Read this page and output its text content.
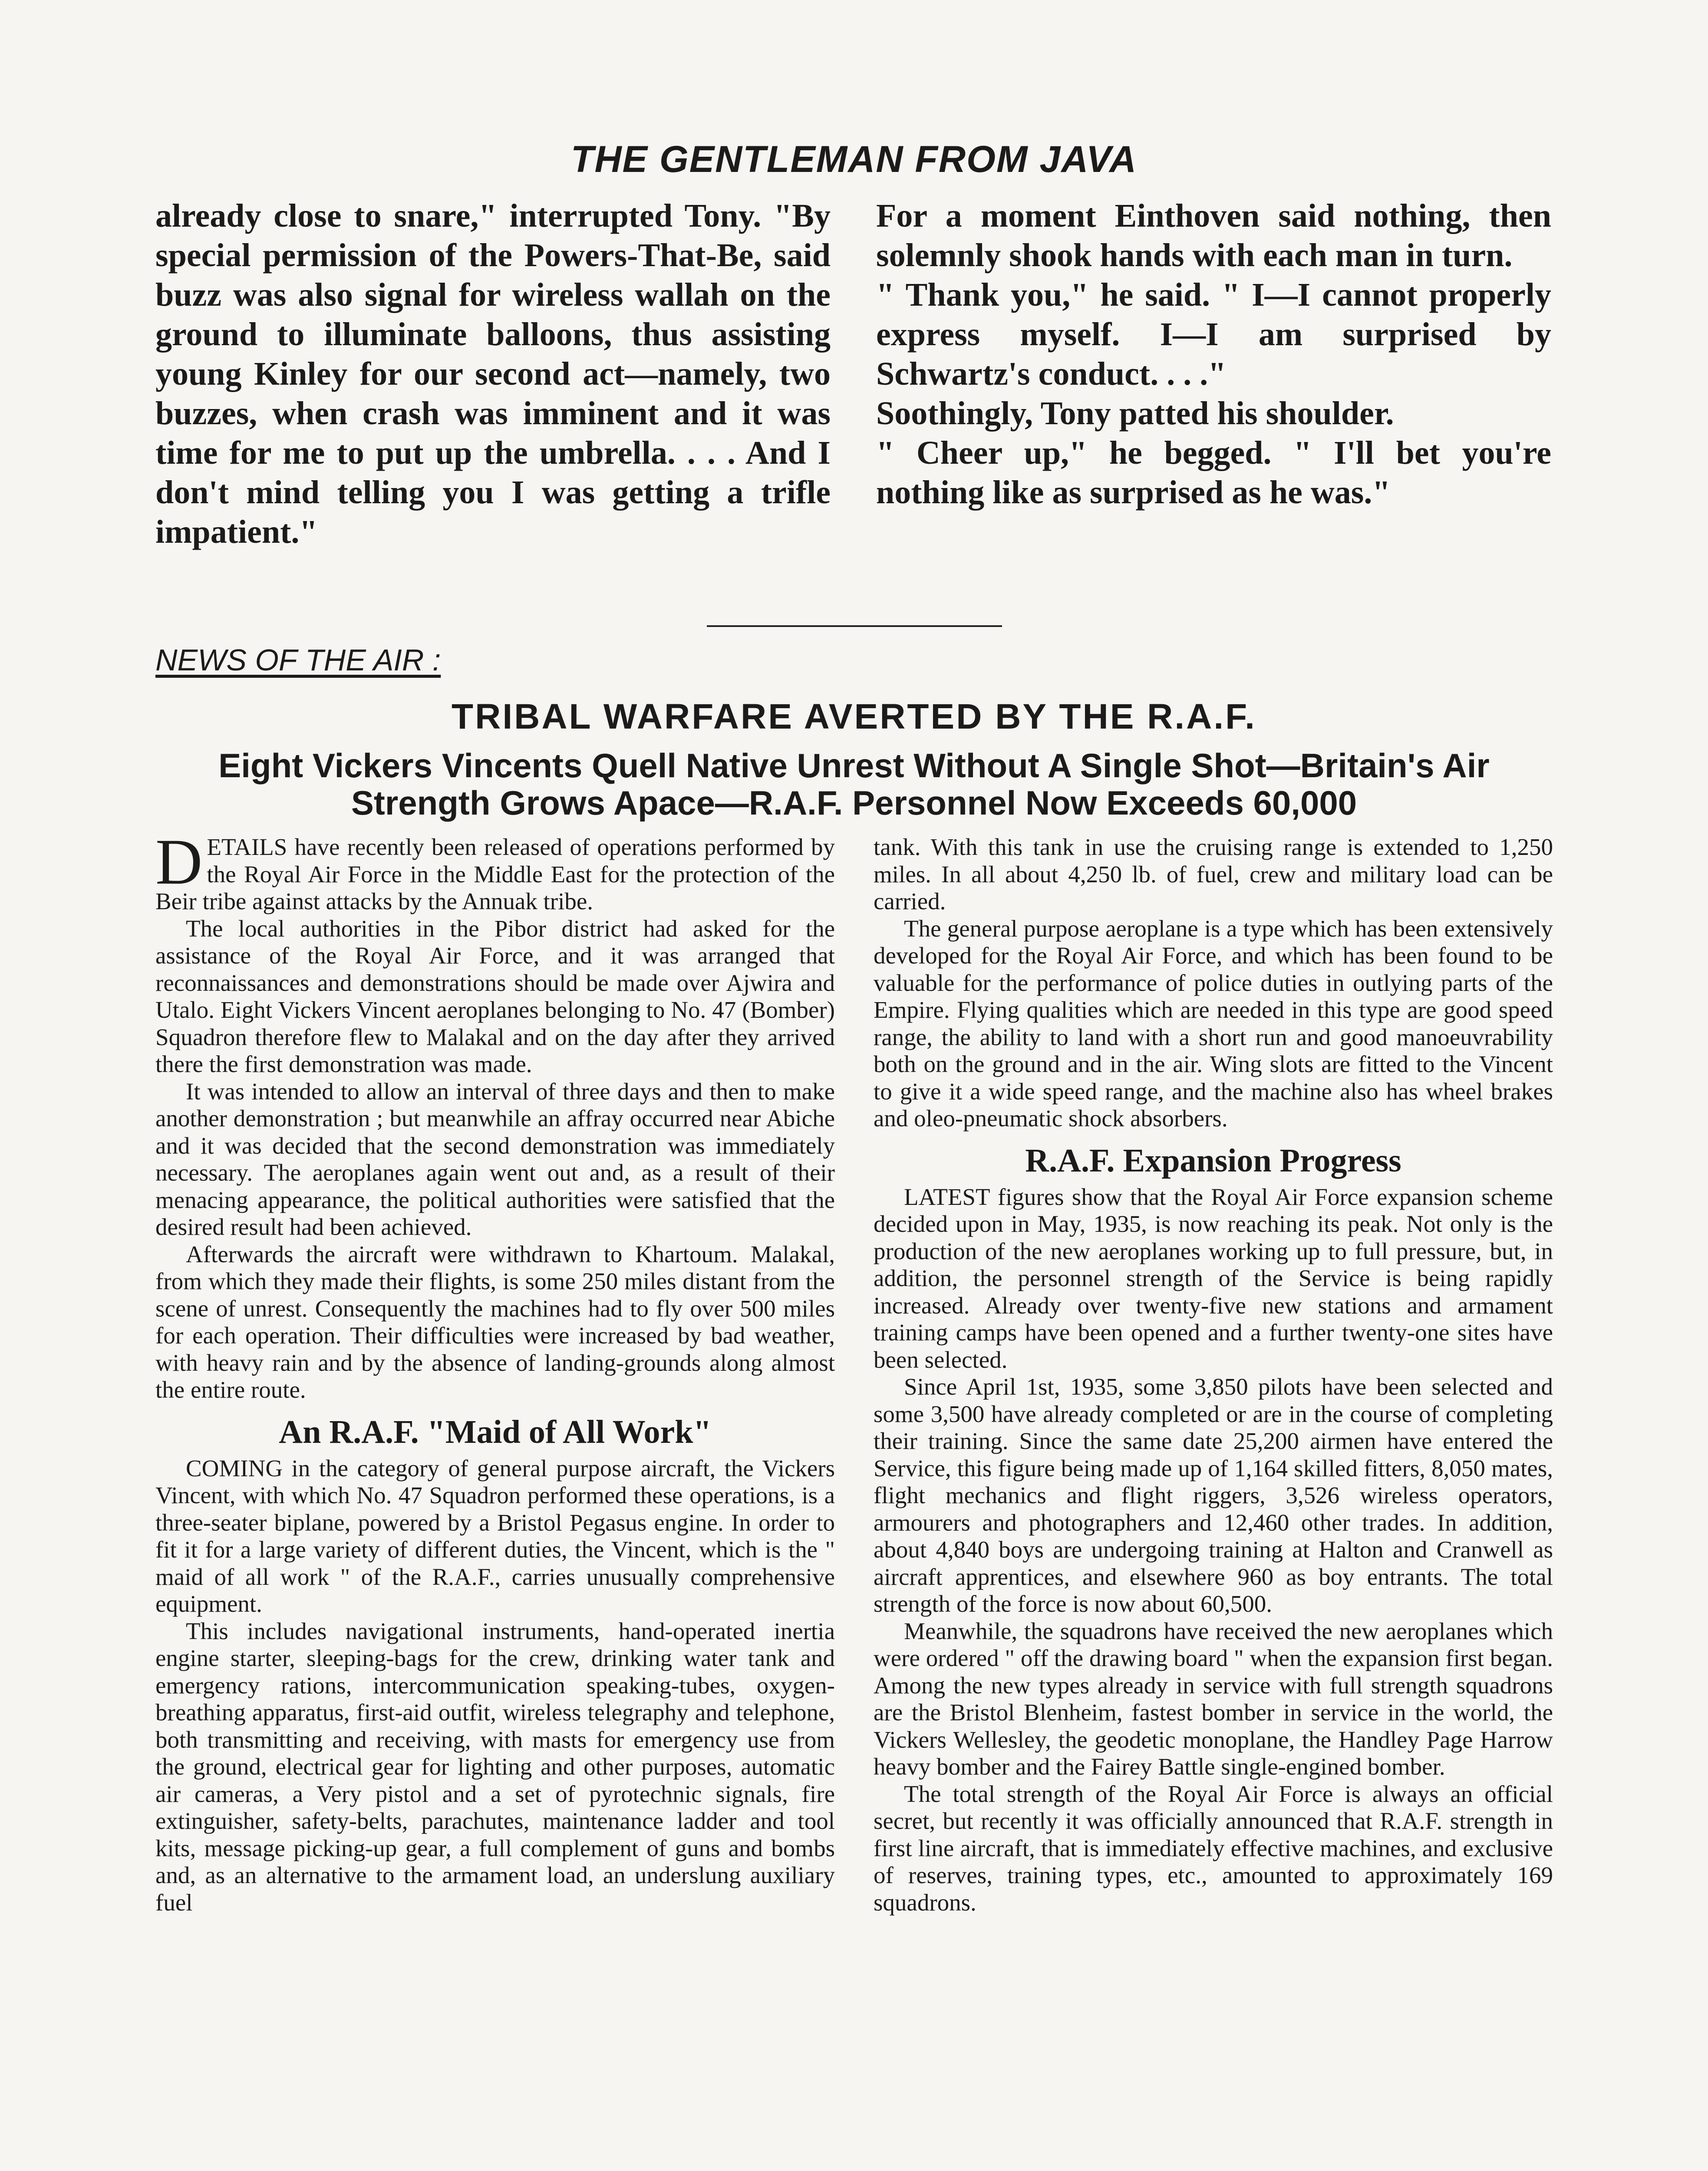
THE GENTLEMAN FROM JAVA

already close to snare," interrupted Tony. "By special permission of the Powers-That-Be, said buzz was also signal for wireless wallah on the ground to illuminate balloons, thus assisting young Kinley for our second act—namely, two buzzes, when crash was imminent and it was time for me to put up the umbrella. . . . And I don't mind telling you I was getting a trifle impatient."

For a moment Einthoven said nothing, then solemnly shook hands with each man in turn.

" Thank you," he said. " I—I cannot properly express myself. I—I am surprised by Schwartz's conduct. . . ."

Soothingly, Tony patted his shoulder.

" Cheer up," he begged. " I'll bet you're nothing like as surprised as he was."

NEWS OF THE AIR :
TRIBAL WARFARE AVERTED BY THE R.A.F.
Eight Vickers Vincents Quell Native Unrest Without A Single Shot—Britain's Air Strength Grows Apace—R.A.F. Personnel Now Exceeds 60,000

DETAILS have recently been released of operations performed by the Royal Air Force in the Middle East for the protection of the Beir tribe against attacks by the Annuak tribe.

The local authorities in the Pibor district had asked for the assistance of the Royal Air Force, and it was arranged that reconnaissances and demonstrations should be made over Ajwira and Utalo. Eight Vickers Vincent aeroplanes belonging to No. 47 (Bomber) Squadron therefore flew to Malakal and on the day after they arrived there the first demonstration was made.

It was intended to allow an interval of three days and then to make another demonstration ; but meanwhile an affray occurred near Abiche and it was decided that the second demonstration was immediately necessary. The aeroplanes again went out and, as a result of their menacing appearance, the political authorities were satisfied that the desired result had been achieved.

Afterwards the aircraft were withdrawn to Khartoum. Malakal, from which they made their flights, is some 250 miles distant from the scene of unrest. Consequently the machines had to fly over 500 miles for each operation. Their difficulties were increased by bad weather, with heavy rain and by the absence of landing-grounds along almost the entire route.

An R.A.F. "Maid of All Work"

COMING in the category of general purpose aircraft, the Vickers Vincent, with which No. 47 Squadron performed these operations, is a three-seater biplane, powered by a Bristol Pegasus engine. In order to fit it for a large variety of different duties, the Vincent, which is the " maid of all work " of the R.A.F., carries unusually comprehensive equipment.

This includes navigational instruments, hand-operated inertia engine starter, sleeping-bags for the crew, drinking water tank and emergency rations, intercommunication speaking-tubes, oxygen-breathing apparatus, first-aid outfit, wireless telegraphy and telephone, both transmitting and receiving, with masts for emergency use from the ground, electrical gear for lighting and other purposes, automatic air cameras, a Very pistol and a set of pyrotechnic signals, fire extinguisher, safety-belts, parachutes, maintenance ladder and tool kits, message picking-up gear, a full complement of guns and bombs and, as an alternative to the armament load, an underslung auxiliary fuel

tank. With this tank in use the cruising range is extended to 1,250 miles. In all about 4,250 lb. of fuel, crew and military load can be carried.

The general purpose aeroplane is a type which has been extensively developed for the Royal Air Force, and which has been found to be valuable for the performance of police duties in outlying parts of the Empire. Flying qualities which are needed in this type are good speed range, the ability to land with a short run and good manoeuvrability both on the ground and in the air. Wing slots are fitted to the Vincent to give it a wide speed range, and the machine also has wheel brakes and oleo-pneumatic shock absorbers.

R.A.F. Expansion Progress

LATEST figures show that the Royal Air Force expansion scheme decided upon in May, 1935, is now reaching its peak. Not only is the production of the new aeroplanes working up to full pressure, but, in addition, the personnel strength of the Service is being rapidly increased. Already over twenty-five new stations and armament training camps have been opened and a further twenty-one sites have been selected.

Since April 1st, 1935, some 3,850 pilots have been selected and some 3,500 have already completed or are in the course of completing their training. Since the same date 25,200 airmen have entered the Service, this figure being made up of 1,164 skilled fitters, 8,050 mates, flight mechanics and flight riggers, 3,526 wireless operators, armourers and photographers and 12,460 other trades. In addition, about 4,840 boys are undergoing training at Halton and Cranwell as aircraft apprentices, and elsewhere 960 as boy entrants. The total strength of the force is now about 60,500.

Meanwhile, the squadrons have received the new aeroplanes which were ordered " off the drawing board " when the expansion first began. Among the new types already in service with full strength squadrons are the Bristol Blenheim, fastest bomber in service in the world, the Vickers Wellesley, the geodetic monoplane, the Handley Page Harrow heavy bomber and the Fairey Battle single-engined bomber.

The total strength of the Royal Air Force is always an official secret, but recently it was officially announced that R.A.F. strength in first line aircraft, that is immediately effective machines, and exclusive of reserves, training types, etc., amounted to approximately 169 squadrons.
